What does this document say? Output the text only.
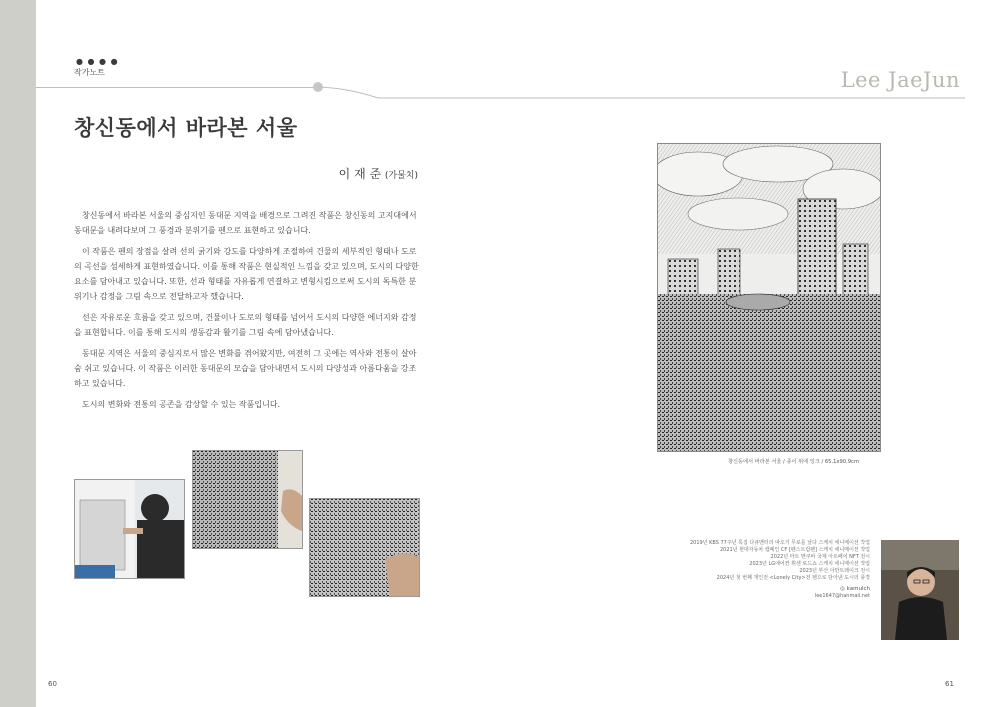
● ● ● ●
작가노트	Lee JaeJun
창신동에서 바라본 서울
이 재 준 (가물치)

창신동에서 바라본 서울의 중심지인 동대문 지역을 배경으로 그려진 작품은 창신동의 고지대에서 동대문을 내려다보며 그 풍경과 분위기를 펜으로 표현하고 있습니다.

이 작품은 펜의 장점을 살려 선의 굵기와 강도를 다양하게 조절하여 건물의 세부적인 형태나 도로의 곡선을 섬세하게 표현하였습니다. 이를 통해 작품은 현실적인 느낌을 갖고 있으며, 도시의 다양한 요소를 담아내고 있습니다. 또한, 선과 형태를 자유롭게 연결하고 변형시킴으로써 도시의 독특한 분위기나 감정을 그림 속으로 전달하고자 했습니다.

선은 자유로운 흐름을 갖고 있으며, 건물이나 도로의 형태를 넘어서 도시의 다양한 에너지와 감정을 표현합니다. 이를 통해 도시의 생동감과 활기를 그림 속에 담아냈습니다.

동대문 지역은 서울의 중심지로서 많은 변화를 겪어왔지만, 여전히 그 곳에는 역사와 전통이 살아 숨 쉬고 있습니다. 이 작품은 이러한 동대문의 모습을 담아내면서 도시의 다양성과 아름다움을 강조하고 있습니다.

도시의 변화와 전통의 공존을 감상할 수 있는 작품입니다.

창신동에서 바라본 서울 / 종이 위에 잉크 / 65.1x90.9cm
2019년 KBS 77주년 특집 다큐멘터리 따오기 무로를 날다 스케치 애니메이션 작업
2021년 현대자동차 캠페인 CF [펜스트럼펜] 스케치 애니메이션 작업
2022년 마트 맨쿠바 국제 아트페어 NFT 전시
2023년 LG에어컨 휘센 로드쇼 스케치 애니메이션 작업
2023년 부산 아반트레이크 전시
2024년 첫 번째 개인전 <Lonely City>전 펜으로 담아낸 도시의 풍경
◎ kamulch
lee1647@hanmail.net
60	61
